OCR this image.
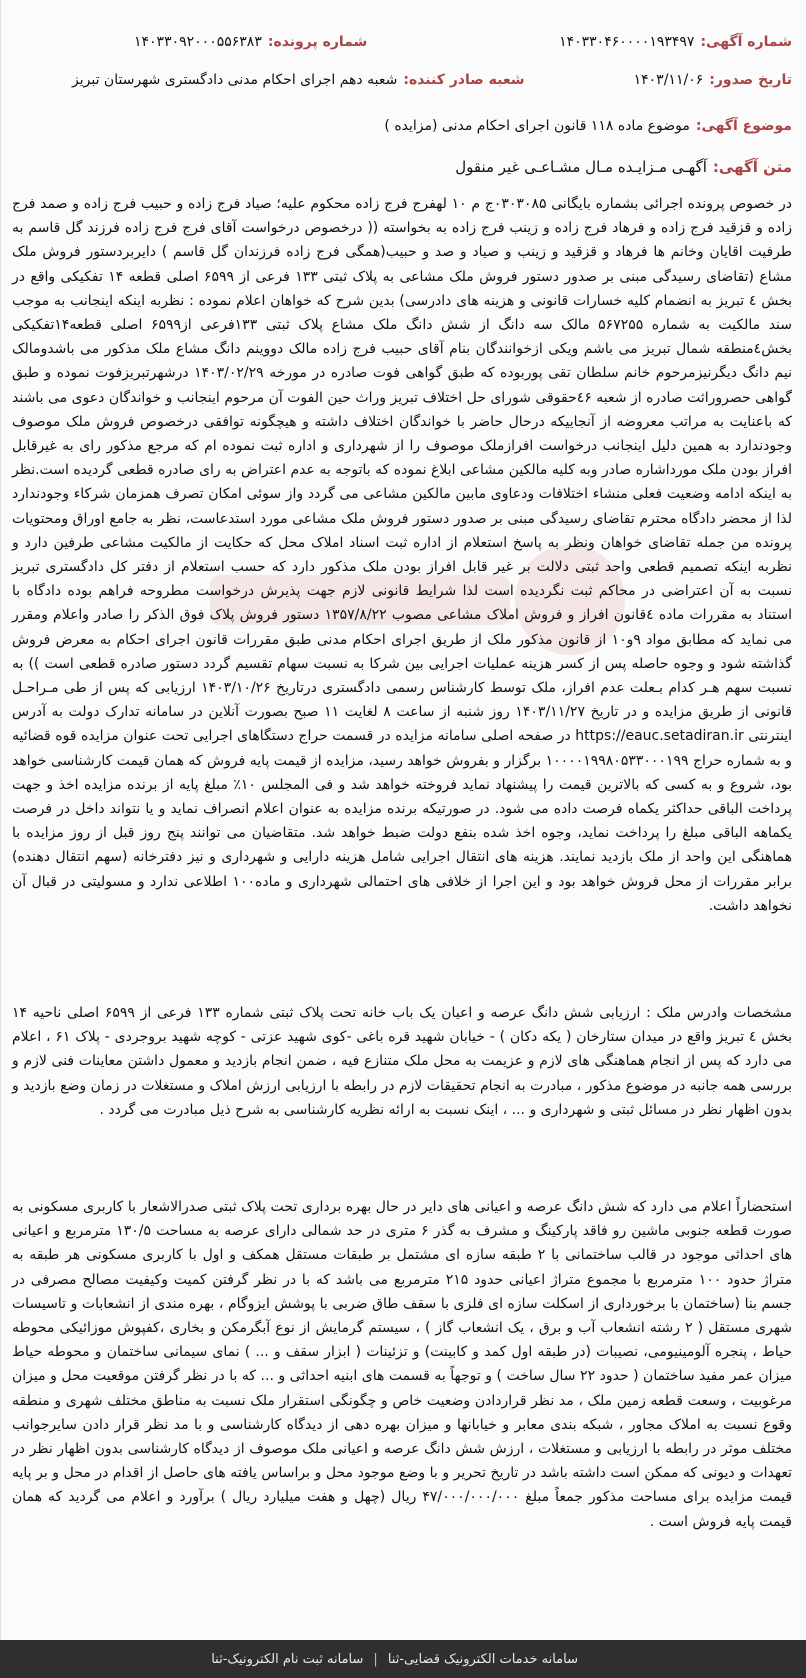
شماره آگهی:
۱۴۰۳۳۰۴۶۰۰۰۰۱۹۳۴۹۷
شماره پرونده:
۱۴۰۳۳۰۹۲۰۰۰۵۵۶۳۸۳
تاریخ صدور:
۱۴۰۳/۱۱/۰۶
شعبه صادر کننده:
شعبه دهم اجرای احکام مدنی دادگستری شهرستان تبریز
موضوع آگهی:
موضوع ماده ۱۱۸ قانون اجرای احکام مدنی (مزایده )
متن آگهی:
آگهـی مـزایـده مـال مشـاعـی غیر منقول
در خصوص پرونده اجرائی بشماره بایگانی ۰۳۰۳۰۸۵ج م ۱۰ لهفرج فرج زاده محکوم علیه؛ صیاد فرج زاده و حبیب فرج زاده و صمد فرج زاده و قزقید فرج زاده و فرهاد فرج زاده و زینب فرج زاده به بخواسته (( درخصوص درخواست آقای فرج فرج زاده فرزند گل قاسم به طرفیت اقایان وخانم ها فرهاد و قزقید و زینب و صیاد و صد و حبیب(همگی فرج زاده فرزندان گل قاسم ) دایربردستور فروش ملک مشاع (تقاضای رسیدگی مبنی بر صدور دستور فروش ملک مشاعی به پلاک ثبتی ۱۳۳ فرعی از ۶۵۹۹ اصلی قطعه ۱۴ تفکیکی واقع در بخش ٤ تبریز به انضمام کلیه خسارات قانونی و هزینه های دادرسی) بدین شرح که خواهان اعلام نموده : نظربه اینکه اینجانب به موجب سند مالکیت به شماره ۵۶۷۲۵۵ مالک سه دانگ از شش دانگ ملک مشاع پلاک ثبتی ۱۳۳فرعی از۶۵۹۹ اصلی قطعه۱۴تفکیکی بخش٤منطقه شمال تبریز می باشم ویکی ازخوانندگان بنام آقای حبیب فرج زاده مالک دووینم دانگ مشاع ملک مذکور می باشدومالک نیم دانگ دیگرنیزمرحوم خانم سلطان تقی پوربوده که طبق گواهی فوت صادره در مورخه ۱۴۰۳/۰۲/۲۹ درشهرتبریزفوت نموده و طبق گواهی حصروراثت صادره از شعبه ٤۶حقوقی شورای حل اختلاف تبریز وراث حین الفوت آن مرحوم اینجانب و خواندگان دعوی می باشند که باعنایت به مراتب معروضه از آنجاییکه درحال حاضر با خواندگان اختلاف داشته و هیچگونه توافقی درخصوص فروش ملک موصوف وجودندارد به همین دلیل اینجانب درخواست افرازملک موصوف را از شهرداری و اداره ثبت نموده ام که مرجع مذکور رای به غیرقابل افراز بودن ملک مورداشاره صادر وبه کلیه مالکین مشاعی ابلاغ نموده که باتوجه به عدم اعتراض به رای صادره قطعی گردیده است.نظر به اینکه ادامه وضعیت فعلی منشاء اختلافات ودعاوی مابین مالکین مشاعی می گردد واز سوئی امکان تصرف همزمان شرکاء وجودندارد لذا از محضر دادگاه محترم تقاضای رسیدگی مبنی بر صدور دستور فروش ملک مشاعی مورد استدعاست، نظر به جامع اوراق ومحتویات پرونده من جمله تقاضای خواهان ونظر به پاسخ استعلام از اداره ثبت اسناد املاک محل که حکایت از مالکیت مشاعی طرفین دارد و نظربه اینکه تصمیم قطعی واحد ثبتی دلالت بر غیر قابل افراز بودن ملک مذکور دارد که حسب استعلام از دفتر کل دادگستری تبریز نسبت به آن اعتراضی در محاکم ثبت نگردیده است لذا شرایط قانونی لازم جهت پذیرش درخواست مطروحه فراهم بوده دادگاه با استناد به مقررات ماده ٤قانون افراز و فروش املاک مشاعی مصوب ۱۳۵۷/۸/۲۲ دستور فروش پلاک فوق الذکر را صادر واعلام ومقرر می نماید که مطابق مواد ۹و۱۰ از قانون مذکور ملک از طریق اجرای احکام مدنی طبق مقررات قانون اجرای احکام به معرض فروش گذاشته شود و وجوه حاصله پس از کسر هزینه عملیات اجرایی بین شرکا به نسبت سهام تقسیم گردد دستور صادره قطعی است )) به نسبت سهم هـر کدام بـعلت عدم افراز، ملک توسط کارشناس رسمی دادگستری درتاریخ ۱۴۰۳/۱۰/۲۶ ارزیابی که پس از طی مـراحـل قانونی از طریق مزایده و در تاریخ ۱۴۰۳/۱۱/۲۷ روز شنبه از ساعت ۸ لغایت ۱۱ صبح بصورت آنلاین در سامانه تدارک دولت به آدرس اینترنتی https://eauc.setadiran.ir در صفحه اصلی سامانه مزایده در قسمت حراج دستگاهای اجرایی تحت عنوان مزایده قوه قضائیه و به شماره حراج ۱۰۰۰۰۱۹۹۸۰۵۳۳۰۰۰۱۹۹ برگزار و بفروش خواهد رسید، مزایده از قیمت پایه فروش که همان قیمت کارشناسی خواهد بود، شروع و به کسی که بالاترین قیمت را پیشنهاد نماید فروخته خواهد شد و فی المجلس ۱۰٪ مبلغ پایه از برنده مزایده اخذ و جهت پرداخت الباقی حداکثر یکماه فرصت داده می شود. در صورتیکه برنده مزایده به عنوان اعلام انصراف نماید و یا نتواند داخل در فرصت یکماهه الباقی مبلغ را پرداخت نماید، وجوه اخذ شده بنفع دولت ضبط خواهد شد. متقاضیان می توانند پنج روز قبل از روز مزایده با هماهنگی این واحد از ملک بازدید نمایند. هزینه های انتقال اجرایی شامل هزینه دارایی و شهرداری و نیز دفترخانه (سهم انتقال دهنده) برابر مقررات از محل فروش خواهد بود و این اجرا از خلافی های احتمالی شهرداری و ماده۱۰۰ اطلاعی ندارد و مسولیتی در قبال آن نخواهد داشت.
مشخصات وادرس ملک : ارزیابی شش دانگ عرصه و اعیان یک باب خانه تحت پلاک ثبتی شماره ۱۳۳ فرعی از ۶۵۹۹ اصلی ناحیه ۱۴ بخش ٤ تبریز واقع در میدان ستارخان ( یکه دکان ) - خیابان شهید قره باغی -کوی شهید عزتی - کوچه شهید بروجردی - پلاک ۶۱ ، اعلام می دارد که پس از انجام هماهنگی های لازم و عزیمت به محل ملک متنازع فیه ، ضمن انجام بازدید و معمول داشتن معاینات فنی لازم و بررسی همه جانبه در موضوع مذکور ، مبادرت به انجام تحقیقات لازم در رابطه با ارزیابی ارزش املاک و مستغلات در زمان وضع بازدید و بدون اظهار نظر در مسائل ثبتی و شهرداری و ... ، اینک نسبت به ارائه نظریه کارشناسی به شرح ذیل مبادرت می گردد .
استحضاراً اعلام می دارد که شش دانگ عرصه و اعیانی های دایر در حال بهره برداری تحت پلاک ثبتی صدرالاشعار با کاربری مسکونی به صورت قطعه جنوبی ماشین رو فاقد پارکینگ و مشرف به گذر ۶ متری در حد شمالی دارای عرصه به مساحت ۱۳۰/۵ مترمربع و اعیانی های احداثی موجود در قالب ساختمانی با ۲ طبقه سازه ای مشتمل بر طبقات مستقل همکف و اول با کاربری مسکونی هر طبقه به متراژ حدود ۱۰۰ مترمربع با مجموع متراژ اعیانی حدود ۲۱۵ مترمربع می باشد که با در نظر گرفتن کمیت وکیفیت مصالح مصرفی در جسم بنا (ساختمان با برخورداری از اسکلت سازه ای فلزی با سقف طاق ضربی با پوشش ایزوگام ، بهره مندی از انشعابات و تاسیسات شهری مستقل ( ۲ رشته انشعاب آب و برق ، یک انشعاب گاز ) ، سیستم گرمایش از نوع آبگرمکن و بخاری ،کفپوش موزائیکی محوطه حیاط ، پنجره آلومینیومی، نصیبات (در طبقه اول کمد و کابینت) و تزئینات ( ابزار سقف و ... ) نمای سیمانی ساختمان و محوطه حیاط میزان عمر مفید ساختمان ( حدود ۲۲ سال ساخت ) و توجهاً به قسمت های ابنیه احداثی و ... که با در نظر گرفتن موقعیت محل و میزان مرغوبیت ، وسعت قطعه زمین ملک ، مد نظر قراردادن وضعیت خاص و چگونگی استقرار ملک نسبت به مناطق مختلف شهری و منطقه وقوع نسبت به املاک مجاور ، شبکه بندی معابر و خیابانها و میزان بهره دهی از دیدگاه کارشناسی و با مد نظر قرار دادن سایرجوانب مختلف موثر در رابطه با ارزیابی و مستغلات ، ارزش شش دانگ عرصه و اعیانی ملک موصوف از دیدگاه کارشناسی بدون اظهار نظر در تعهدات و دیونی که ممکن است داشته باشد در تاریخ تحریر و با وضع موجود محل و براساس یافته های حاصل از اقدام در محل و بر پایه قیمت مزایده برای مساحت مذکور جمعاً مبلغ ۴۷/۰۰۰/۰۰۰/۰۰۰ ریال (چهل و هفت میلیارد ریال ) برآورد و اعلام می گردید که همان قیمت پایه فروش است .
سامانه خدمات الکترونیک قضایی-ثنا
|
سامانه ثبت نام الکترونیک-ثنا
